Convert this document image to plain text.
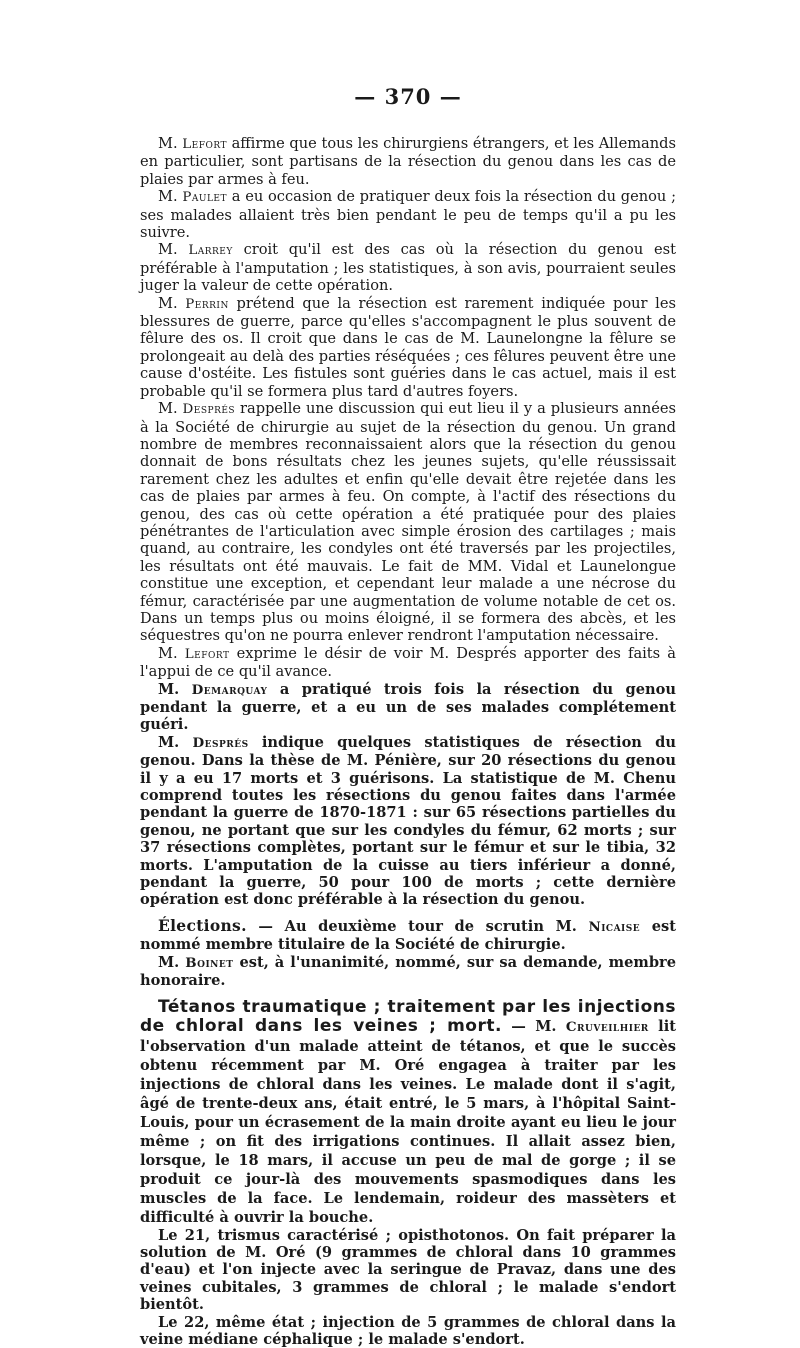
— 370 —

M. Lefort affirme que tous les chirurgiens étrangers, et les Allemands en particulier, sont partisans de la résection du genou dans les cas de plaies par armes à feu.

M. Paulet a eu occasion de pratiquer deux fois la résection du genou ; ses malades allaient très bien pendant le peu de temps qu'il a pu les suivre.

M. Larrey croit qu'il est des cas où la résection du genou est préférable à l'amputation ; les statistiques, à son avis, pourraient seules juger la valeur de cette opération.

M. Perrin prétend que la résection est rarement indiquée pour les blessures de guerre, parce qu'elles s'accompagnent le plus souvent de fêlure des os. Il croit que dans le cas de M. Launelongne la fêlure se prolongeait au delà des parties réséquées ; ces fêlures peuvent être une cause d'ostéite. Les fistules sont guéries dans le cas actuel, mais il est probable qu'il se formera plus tard d'autres foyers.

M. Després rappelle une discussion qui eut lieu il y a plusieurs années à la Société de chirurgie au sujet de la résection du genou. Un grand nombre de membres reconnaissaient alors que la résection du genou donnait de bons résultats chez les jeunes sujets, qu'elle réussissait rarement chez les adultes et enfin qu'elle devait être rejetée dans les cas de plaies par armes à feu. On compte, à l'actif des résections du genou, des cas où cette opération a été pratiquée pour des plaies pénétrantes de l'articulation avec simple érosion des cartilages ; mais quand, au contraire, les condyles ont été traversés par les projectiles, les résultats ont été mauvais. Le fait de MM. Vidal et Launelongue constitue une exception, et cependant leur malade a une nécrose du fémur, caractérisée par une augmentation de volume notable de cet os. Dans un temps plus ou moins éloigné, il se formera des abcès, et les séquestres qu'on ne pourra enlever rendront l'amputation nécessaire.

M. Lefort exprime le désir de voir M. Després apporter des faits à l'appui de ce qu'il avance.

M. Demarquay a pratiqué trois fois la résection du genou pendant la guerre, et a eu un de ses malades complétement guéri.

M. Després indique quelques statistiques de résection du genou. Dans la thèse de M. Pénière, sur 20 résections du genou il y a eu 17 morts et 3 guérisons. La statistique de M. Chenu comprend toutes les résections du genou faites dans l'armée pendant la guerre de 1870-1871 : sur 65 résections partielles du genou, ne portant que sur les condyles du fémur, 62 morts ; sur 37 résections complètes, portant sur le fémur et sur le tibia, 32 morts. L'amputation de la cuisse au tiers inférieur a donné, pendant la guerre, 50 pour 100 de morts ; cette dernière opération est donc préférable à la résection du genou.

Élections. — Au deuxième tour de scrutin M. Nicaise est nommé membre titulaire de la Société de chirurgie.

M. Boinet est, à l'unanimité, nommé, sur sa demande, membre honoraire.

Tétanos traumatique ; traitement par les injections de chloral dans les veines ; mort. — M. Cruveilhier lit l'observation d'un malade atteint de tétanos, et que le succès obtenu récemment par M. Oré engagea à traiter par les injections de chloral dans les veines. Le malade dont il s'agit, âgé de trente-deux ans, était entré, le 5 mars, à l'hôpital Saint-Louis, pour un écrasement de la main droite ayant eu lieu le jour même ; on fit des irrigations continues. Il allait assez bien, lorsque, le 18 mars, il accuse un peu de mal de gorge ; il se produit ce jour-là des mouvements spasmodiques dans les muscles de la face. Le lendemain, roideur des massèters et difficulté à ouvrir la bouche.

Le 21, trismus caractérisé ; opisthotonos. On fait préparer la solution de M. Oré (9 grammes de chloral dans 10 grammes d'eau) et l'on injecte avec la seringue de Pravaz, dans une des veines cubitales, 3 grammes de chloral ; le malade s'endort bientôt.

Le 22, même état ; injection de 5 grammes de chloral dans la veine médiane céphalique ; le malade s'endort.
